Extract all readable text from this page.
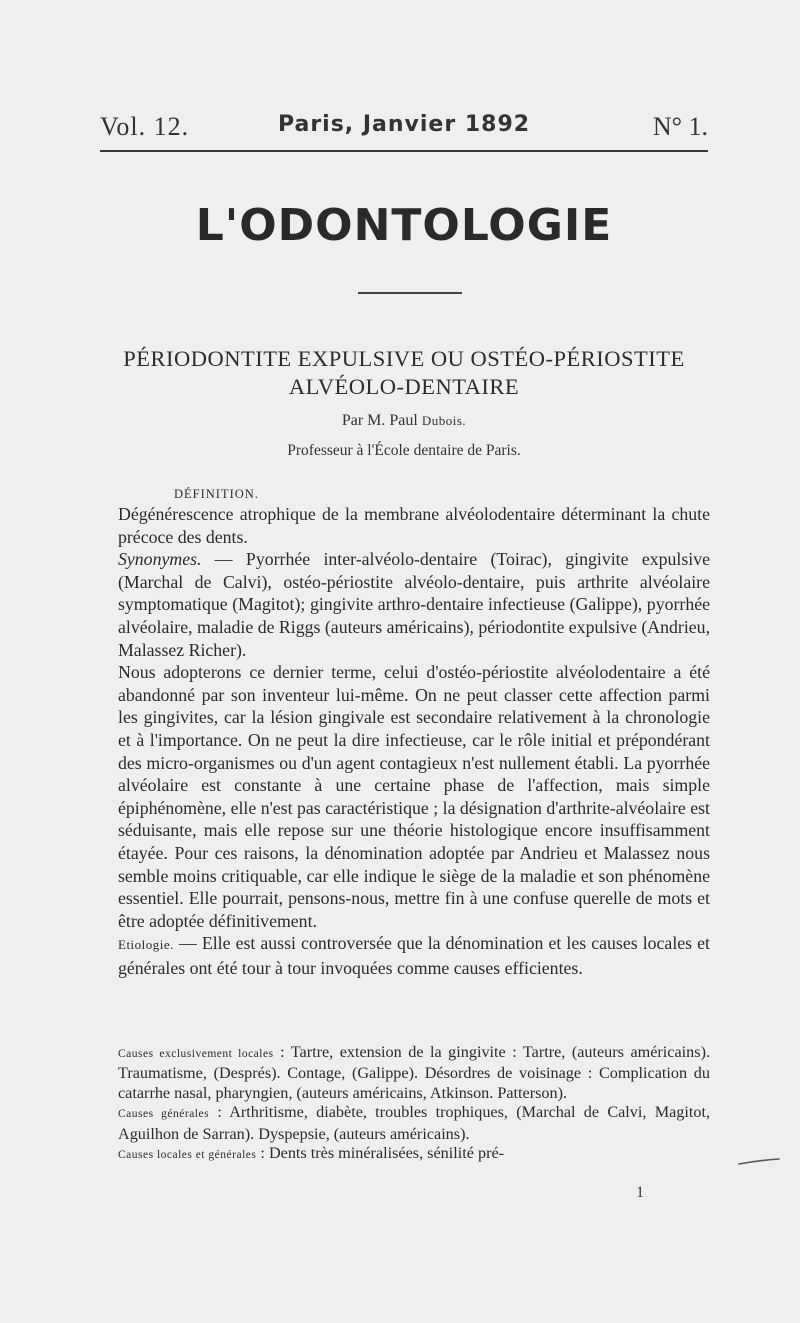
Vol. 12.	Paris, Janvier 1892	N° 1.
L'ODONTOLOGIE
PÉRIODONTITE EXPULSIVE OU OSTÉO-PÉRIOSTITE
ALVÉOLO-DENTAIRE
Par M. Paul Dubois.
Professeur à l'École dentaire de Paris.
DÉFINITION.

Dégénérescence atrophique de la membrane alvéolodentaire déterminant la chute précoce des dents.

Synonymes. — Pyorrhée inter-alvéolo-dentaire (Toirac), gingivite expulsive (Marchal de Calvi), ostéo-périostite alvéolo-dentaire, puis arthrite alvéolaire symptomatique (Magitot); gingivite arthro-dentaire infectieuse (Galippe), pyorrhée alvéolaire, maladie de Riggs (auteurs américains), périodontite expulsive (Andrieu, Malassez Richer).

Nous adopterons ce dernier terme, celui d'ostéo-périostite alvéolodentaire a été abandonné par son inventeur lui-même. On ne peut classer cette affection parmi les gingivites, car la lésion gingivale est secondaire relativement à la chronologie et à l'importance. On ne peut la dire infectieuse, car le rôle initial et prépondérant des micro-organismes ou d'un agent contagieux n'est nullement établi. La pyorrhée alvéolaire est constante à une certaine phase de l'affection, mais simple épiphénomène, elle n'est pas caractéristique ; la désignation d'arthrite-alvéolaire est séduisante, mais elle repose sur une théorie histologique encore insuffisamment étayée. Pour ces raisons, la dénomination adoptée par Andrieu et Malassez nous semble moins critiquable, car elle indique le siège de la maladie et son phénomène essentiel. Elle pourrait, pensons-nous, mettre fin à une confuse querelle de mots et être adoptée définitivement.

Etiologie. — Elle est aussi controversée que la dénomination et les causes locales et générales ont été tour à tour invoquées comme causes efficientes.

Causes exclusivement locales : Tartre, extension de la gingivite : Tartre, (auteurs américains). Traumatisme, (Després). Contage, (Galippe). Désordres de voisinage : Complication du catarrhe nasal, pharyngien, (auteurs américains, Atkinson. Patterson).

Causes générales : Arthritisme, diabète, troubles trophiques, (Marchal de Calvi, Magitot, Aguilhon de Sarran). Dyspepsie, (auteurs américains).

Causes locales et générales : Dents très minéralisées, sénilité pré-

1
